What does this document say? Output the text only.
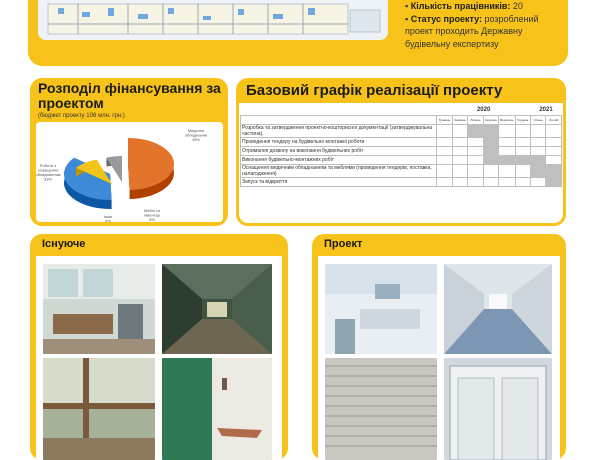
▪ Кількість працівників: 20
▪ Статус проекту: розроблений проект проходить Державну будівельну експертизу
Розподіл фінансування за проектом
(бюджет проекту 106 млн. грн.)
Медичне обладнання 45%
Роботи з оснащення обладнанням 33%
Інше 8%
Меблі та інвентар 5%
Базовий графік реалізації проекту
	2020						2021	
	Травень	Червень	Липень	Серпень	Вересень	Грудень	Січень	Лютий
Розробка та затвердження проектно-кошторисної документації (затверджувальна частина).								
Проведення тендеру на будівельно монтажні роботи								
Отримання дозволу на виконання будівельних робіт								
Виконання будівельно-монтажних робіт								
Оснащення медичним обладнанням та меблями (проведення тендерів, поставка, налагодження)								
Запуск та відкриття								
Існуюче	Проект
